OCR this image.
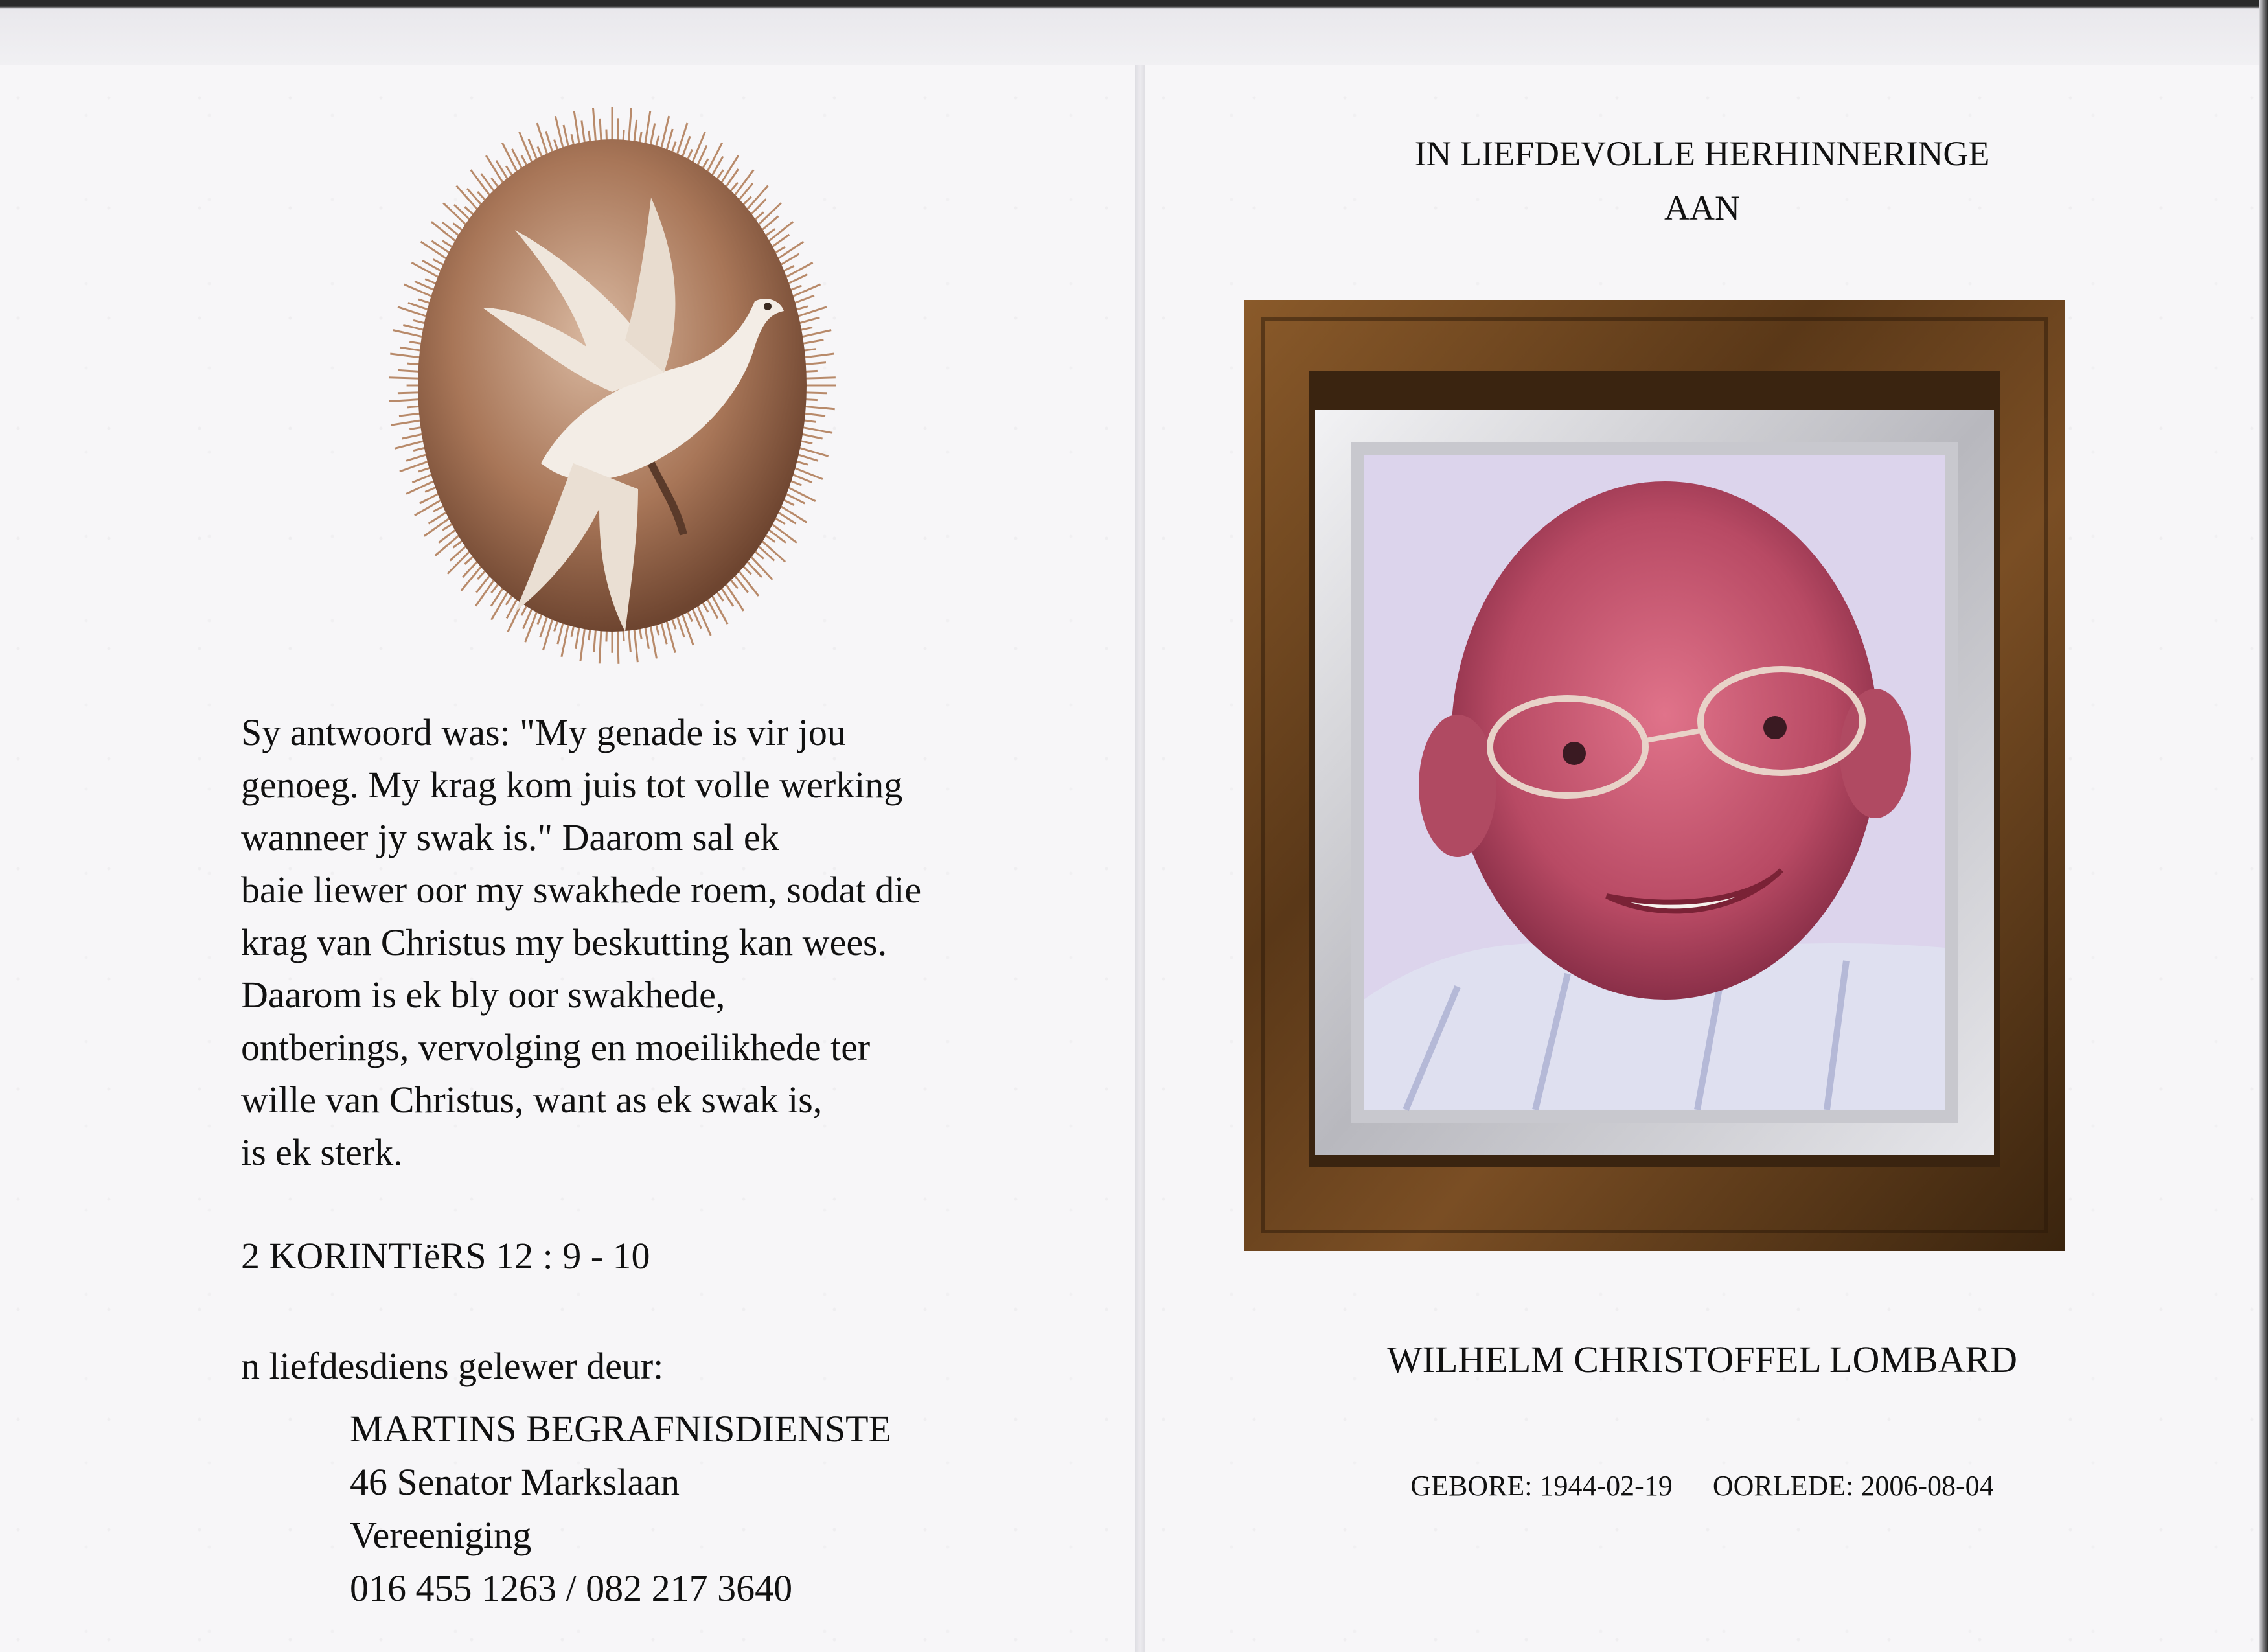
Sy antwoord was: "My genade is vir jou
genoeg. My krag kom juis tot volle werking
wanneer jy swak is." Daarom sal ek
baie liewer oor my swakhede roem, sodat die
krag van Christus my beskutting kan wees.
Daarom is ek bly oor swakhede,
ontberings, vervolging en moeilikhede ter
wille van Christus, want as ek swak is,
is ek sterk.
2 KORINTIëRS 12 : 9 - 10
n liefdesdiens gelewer deur:
MARTINS BEGRAFNISDIENSTE
46 Senator Markslaan
Vereeniging
016 455 1263 / 082 217 3640
IN LIEFDEVOLLE HERHINNERINGE
AAN
WILHELM CHRISTOFFEL LOMBARD
GEBORE: 1944-02-19 OORLEDE: 2006-08-04
